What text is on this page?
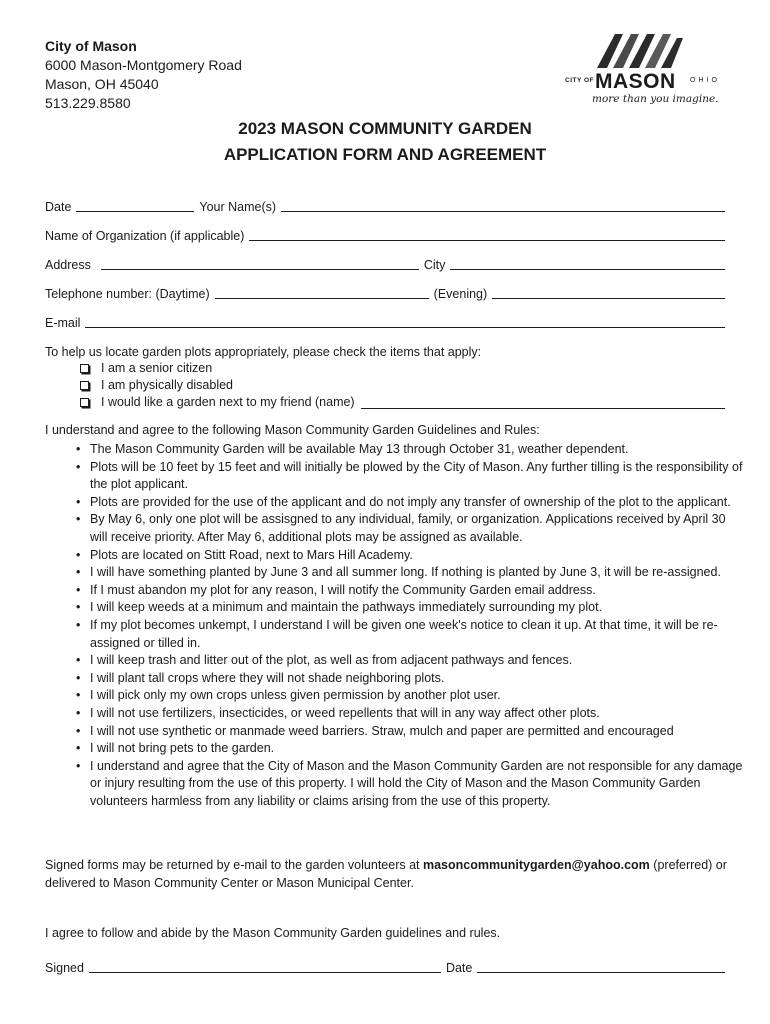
City of Mason
6000 Mason-Montgomery Road
Mason, OH 45040
513.229.8580
CITY OF MASON OHIO
more than you imagine.
2023 MASON COMMUNITY GARDEN
APPLICATION FORM AND AGREEMENT
Date	Your Name(s)
Name of Organization (if applicable)
Address	City
Telephone number: (Daytime)	(Evening)
E-mail
To help us locate garden plots appropriately, please check the items that apply:
I am a senior citizen
I am physically disabled
I would like a garden next to my friend (name)
I understand and agree to the following Mason Community Garden Guidelines and Rules:
• The Mason Community Garden will be available May 13 through October 31, weather dependent.
• Plots will be 10 feet by 15 feet and will initially be plowed by the City of Mason. Any further tilling is the responsibility of the plot applicant.
• Plots are provided for the use of the applicant and do not imply any transfer of ownership of the plot to the applicant.
• By May 6, only one plot will be assisgned to any individual, family, or organization. Applications received by April 30 will receive priority. After May 6, additional plots may be assigned as available.
• Plots are located on Stitt Road, next to Mars Hill Academy.
• I will have something planted by June 3 and all summer long. If nothing is planted by June 3, it will be re-assigned.
• If I must abandon my plot for any reason, I will notify the Community Garden email address.
• I will keep weeds at a minimum and maintain the pathways immediately surrounding my plot.
• If my plot becomes unkempt, I understand I will be given one week's notice to clean it up. At that time, it will be re-assigned or tilled in.
• I will keep trash and litter out of the plot, as well as from adjacent pathways and fences.
• I will plant tall crops where they will not shade neighboring plots.
• I will pick only my own crops unless given permission by another plot user.
• I will not use fertilizers, insecticides, or weed repellents that will in any way affect other plots.
• I will not use synthetic or manmade weed barriers. Straw, mulch and paper are permitted and encouraged
• I will not bring pets to the garden.
• I understand and agree that the City of Mason and the Mason Community Garden are not responsible for any damage or injury resulting from the use of this property. I will hold the City of Mason and the Mason Community Garden volunteers harmless from any liability or claims arising from the use of this property.
Signed forms may be returned by e-mail to the garden volunteers at masoncommunitygarden@yahoo.com (preferred) or delivered to Mason Community Center or Mason Municipal Center.
I agree to follow and abide by the Mason Community Garden guidelines and rules.
Signed	Date
